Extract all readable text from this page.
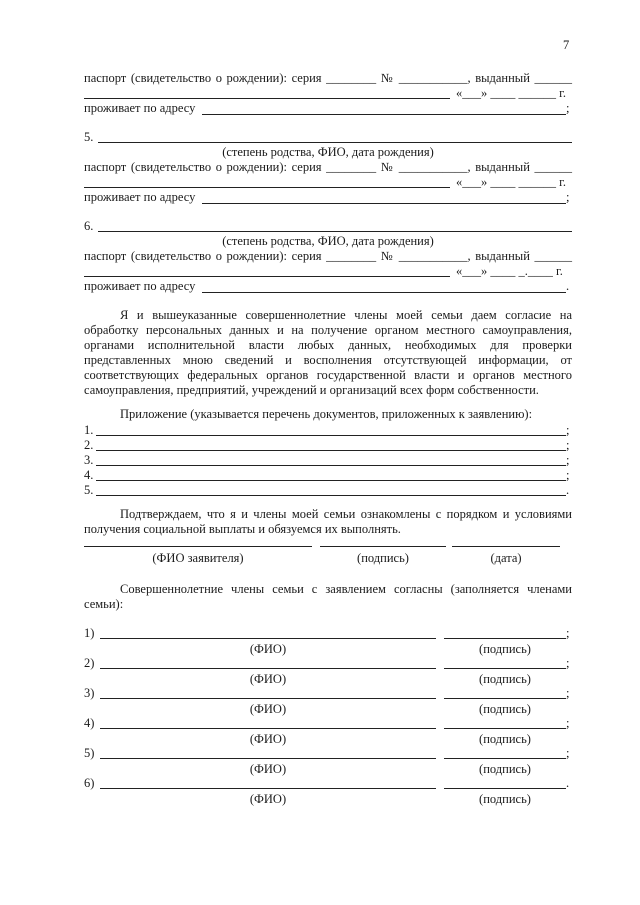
7
паспорт (свидетельство о рождении): серия ________ № ___________, выданный ______
«___» ____ ______ г.
проживает по адресу	;
5.
(степень родства, ФИО, дата рождения)
паспорт (свидетельство о рождении): серия ________ № ___________, выданный ______
«___» ____ ______ г.
проживает по адресу	;
6.
(степень родства, ФИО, дата рождения)
паспорт (свидетельство о рождении): серия ________ № ___________, выданный ______
«___» ____ _.____ г.
проживает по адресу	.
Я и вышеуказанные совершеннолетние члены моей семьи даем согласие на
обработку персональных данных и на получение органом местного самоуправления,
органами исполнительной власти любых данных, необходимых для проверки
представленных мною сведений и восполнения отсутствующей информации, от
соответствующих федеральных органов государственной власти и органов местного
самоуправления, предприятий, учреждений и организаций всех форм собственности.
Приложение (указывается перечень документов, приложенных к заявлению):
1.	;
2.	;
3.	;
4.	;
5.	.
Подтверждаем, что я и члены моей семьи ознакомлены с порядком и условиями
получения социальной выплаты и обязуемся их выполнять.
(ФИО заявителя)	(подпись)	(дата)
Совершеннолетние члены семьи с заявлением согласны (заполняется членами
семьи):
1)	;
(ФИО)	(подпись)
2)	;
(ФИО)	(подпись)
3)	;
(ФИО)	(подпись)
4)	;
(ФИО)	(подпись)
5)	;
(ФИО)	(подпись)
6)	.
(ФИО)	(подпись)
